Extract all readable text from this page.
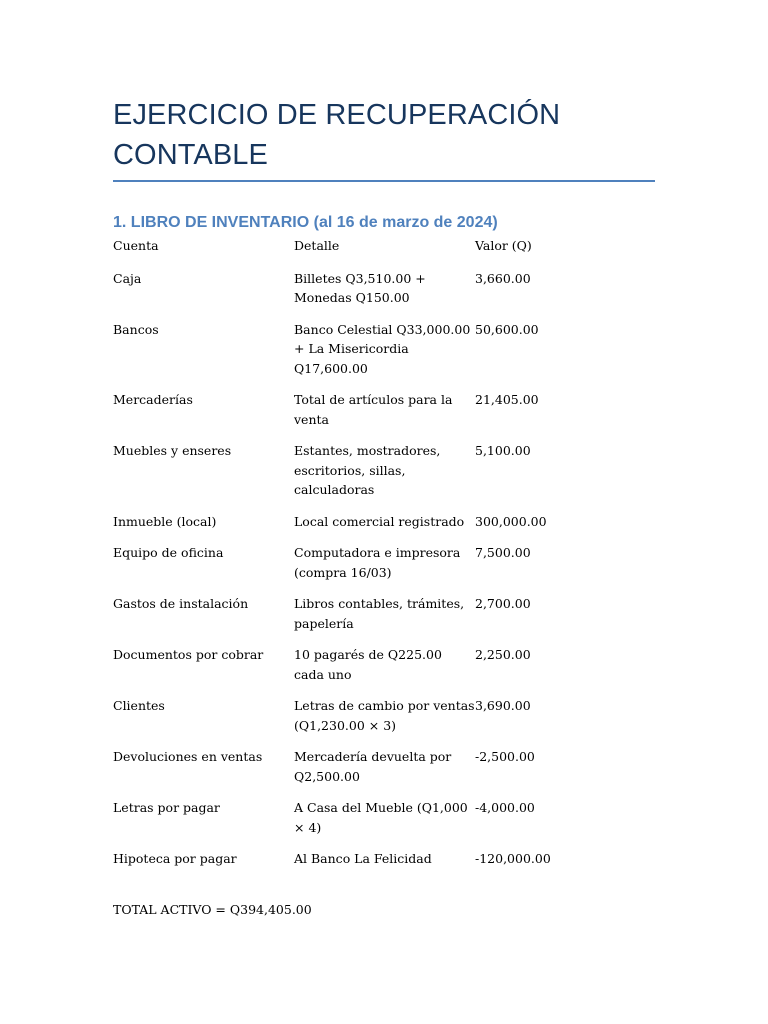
EJERCICIO DE RECUPERACIÓN CONTABLE
1. LIBRO DE INVENTARIO (al 16 de marzo de 2024)
Cuenta	Detalle	Valor (Q)
Caja	Billetes Q3,510.00 + Monedas Q150.00	3,660.00
Bancos	Banco Celestial Q33,000.00 + La Misericordia Q17,600.00	50,600.00
Mercaderías	Total de artículos para la venta	21,405.00
Muebles y enseres	Estantes, mostradores, escritorios, sillas, calculadoras	5,100.00
Inmueble (local)	Local comercial registrado	300,000.00
Equipo de oficina	Computadora e impresora (compra 16/03)	7,500.00
Gastos de instalación	Libros contables, trámites, papelería	2,700.00
Documentos por cobrar	10 pagarés de Q225.00 cada uno	2,250.00
Clientes	Letras de cambio por ventas (Q1,230.00 × 3)	3,690.00
Devoluciones en ventas	Mercadería devuelta por Q2,500.00	-2,500.00
Letras por pagar	A Casa del Mueble (Q1,000 × 4)	-4,000.00
Hipoteca por pagar	Al Banco La Felicidad	-120,000.00

TOTAL ACTIVO = Q394,405.00
